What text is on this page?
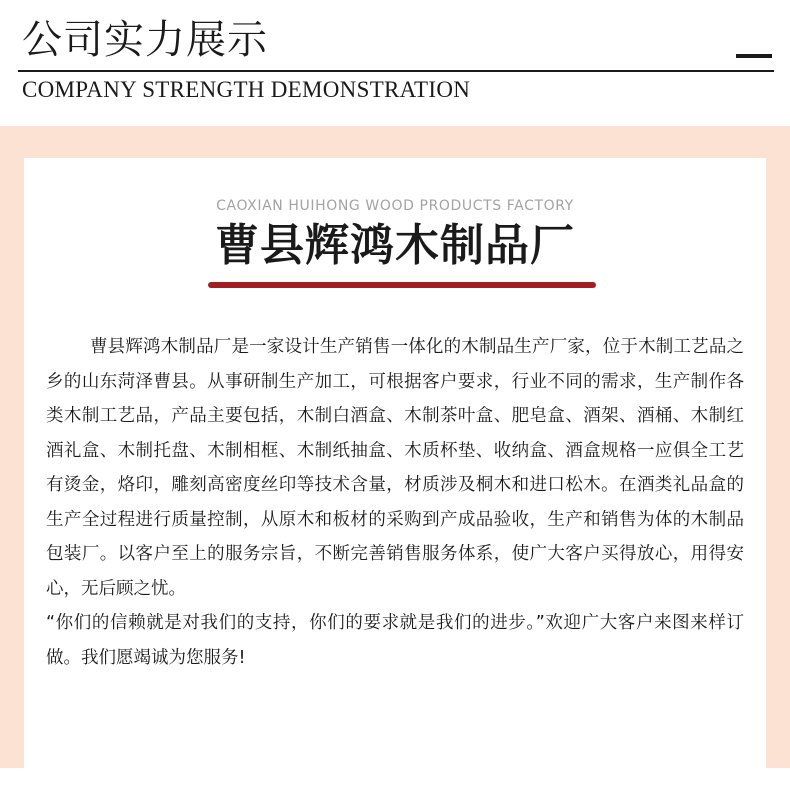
公司实力展示
COMPANY STRENGTH DEMONSTRATION
CAOXIAN HUIHONG WOOD PRODUCTS FACTORY
曹县辉鸿木制品厂

曹县辉鸿木制品厂是一家设计生产销售一体化的木制品生产厂家，位于木制工艺品之乡的山东菏泽曹县。从事研制生产加工，可根据客户要求，行业不同的需求，生产制作各类木制工艺品，产品主要包括，木制白酒盒、木制茶叶盒、肥皂盒、酒架、酒桶、木制红酒礼盒、木制托盘、木制相框、木制纸抽盒、木质杯垫、收纳盒、酒盒规格一应俱全工艺有烫金，烙印，雕刻高密度丝印等技术含量，材质涉及桐木和进口松木。在酒类礼品盒的生产全过程进行质量控制，从原木和板材的采购到产成品验收，生产和销售为体的木制品包装厂。以客户至上的服务宗旨，不断完善销售服务体系，使广大客户买得放心，用得安心，无后顾之忧。

“你们的信赖就是对我们的支持，你们的要求就是我们的进步。”欢迎广大客户来图来样订做。我们愿竭诚为您服务!
